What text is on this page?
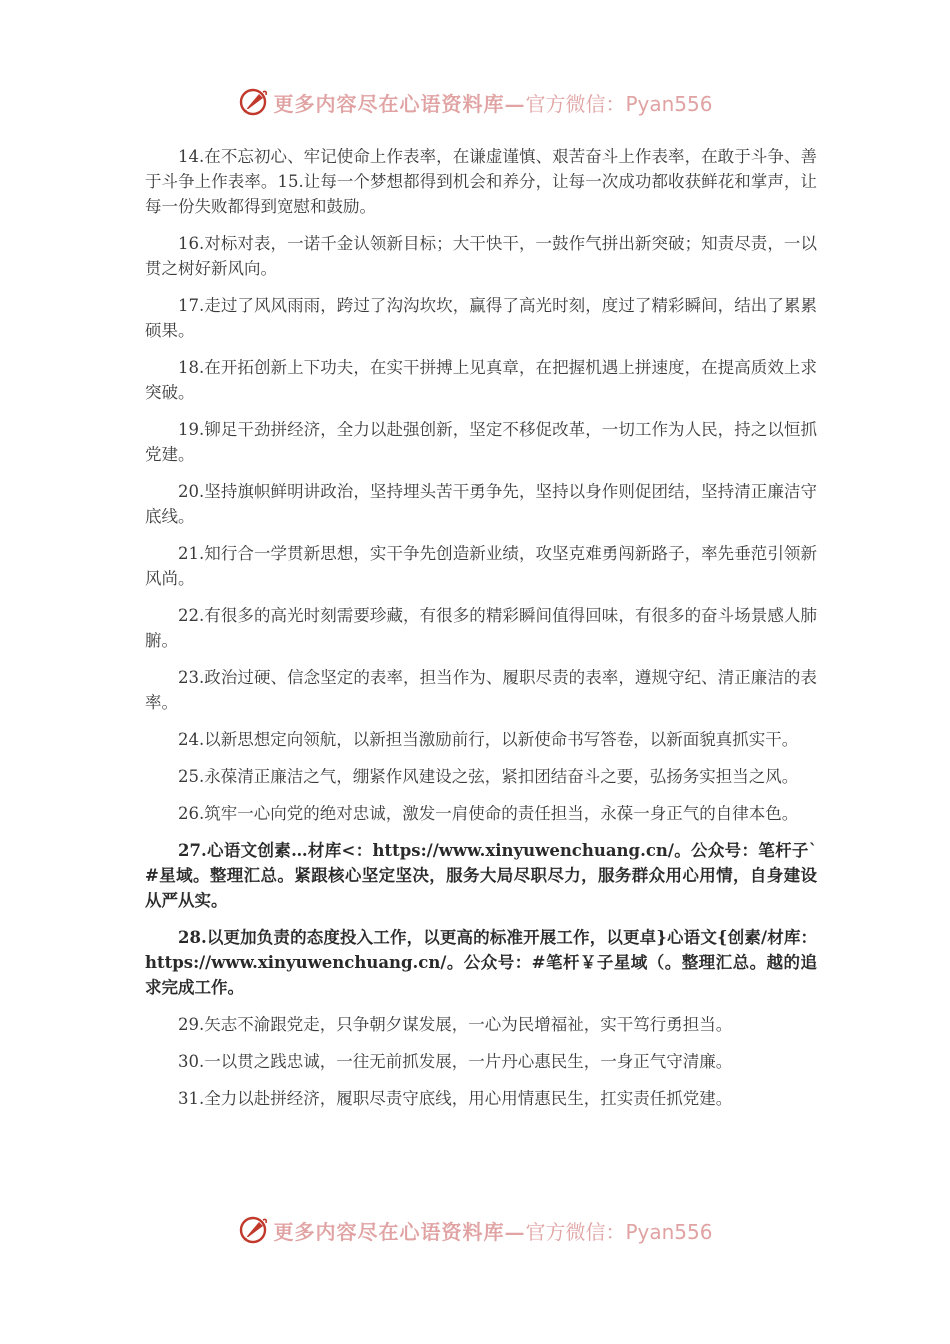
更多内容尽在心语资料库—官方微信：Pyan556

14.在不忘初心、牢记使命上作表率，在谦虚谨慎、艰苦奋斗上作表率，在敢于斗争、善于斗争上作表率。15.让每一个梦想都得到机会和养分，让每一次成功都收获鲜花和掌声，让每一份失败都得到宽慰和鼓励。

16.对标对表，一诺千金认领新目标；大干快干，一鼓作气拼出新突破；知责尽责，一以贯之树好新风向。

17.走过了风风雨雨，跨过了沟沟坎坎，赢得了高光时刻，度过了精彩瞬间，结出了累累硕果。

18.在开拓创新上下功夫，在实干拼搏上见真章，在把握机遇上拼速度，在提高质效上求突破。

19.铆足干劲拼经济，全力以赴强创新，坚定不移促改革，一切工作为人民，持之以恒抓党建。

20.坚持旗帜鲜明讲政治，坚持埋头苦干勇争先，坚持以身作则促团结，坚持清正廉洁守底线。

21.知行合一学贯新思想，实干争先创造新业绩，攻坚克难勇闯新路子，率先垂范引领新风尚。

22.有很多的高光时刻需要珍藏，有很多的精彩瞬间值得回味，有很多的奋斗场景感人肺腑。

23.政治过硬、信念坚定的表率，担当作为、履职尽责的表率，遵规守纪、清正廉洁的表率。

24.以新思想定向领航，以新担当激励前行，以新使命书写答卷，以新面貌真抓实干。

25.永葆清正廉洁之气，绷紧作风建设之弦，紧扣团结奋斗之要，弘扬务实担当之风。

26.筑牢一心向党的绝对忠诚，激发一肩使命的责任担当，永葆一身正气的自律本色。

27.心语文创素…材库<：https://www.xinyuwenchuang.cn/。公众号：笔杆子`#星域。整理汇总。紧跟核心坚定坚决，服务大局尽职尽力，服务群众用心用情，自身建设从严从实。

28.以更加负责的态度投入工作，以更高的标准开展工作，以更卓}心语文{创素/材库：https://www.xinyuwenchuang.cn/。公众号：#笔杆￥子星域（。整理汇总。越的追求完成工作。

29.矢志不渝跟党走，只争朝夕谋发展，一心为民增福祉，实干笃行勇担当。

30.一以贯之践忠诚，一往无前抓发展，一片丹心惠民生，一身正气守清廉。

31.全力以赴拼经济，履职尽责守底线，用心用情惠民生，扛实责任抓党建。

更多内容尽在心语资料库—官方微信：Pyan556
